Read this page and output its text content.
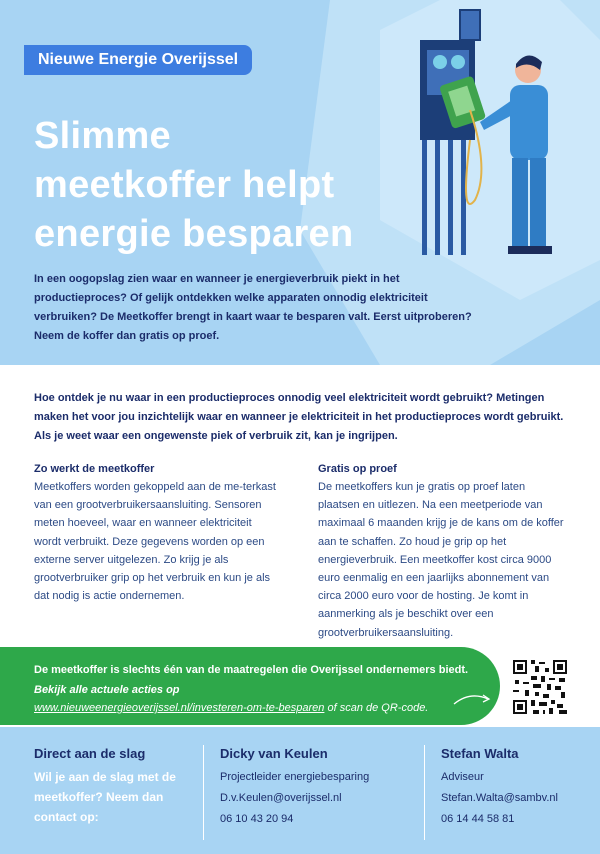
Nieuwe Energie Overijssel
Slimme
meetkoffer helpt
energie besparen
In een oogopslag zien waar en wanneer je energieverbruik piekt in het productieproces? Of gelijk ontdekken welke apparaten onnodig elektriciteit verbruiken? De Meetkoffer brengt in kaart waar te besparen valt. Eerst uitproberen? Neem de koffer dan gratis op proef.
Hoe ontdek je nu waar in een productieproces onnodig veel elektriciteit wordt gebruikt? Metingen maken het voor jou inzichtelijk waar en wanneer je elektriciteit in het productieproces wordt gebruikt. Als je weet waar een ongewenste piek of verbruik zit, kan je ingrijpen.
Zo werkt de meetkoffer
Meetkoffers worden gekoppeld aan de me-terkast van een grootverbruikersaansluiting. Sensoren meten hoeveel, waar en wanneer elektriciteit wordt verbruikt. Deze gegevens worden op een externe server uitgelezen. Zo krijg je als grootverbruiker grip op het verbruik en kun je als dat nodig is actie ondernemen.
Gratis op proef
De meetkoffers kun je gratis op proef laten plaatsen en uitlezen. Na een meetperiode van maximaal 6 maanden krijg je de kans om de koffer aan te schaffen. Zo houd je grip op het energieverbruik. Een meetkoffer kost circa 9000 euro eenmalig en een jaarlijks abonnement van circa 2000 euro voor de hosting. Je komt in aanmerking als je beschikt over een grootverbruikersaansluiting.
De meetkoffer is slechts één van de maatregelen die Overijssel ondernemers biedt.
Bekijk alle actuele acties op
www.nieuweenergieoverijssel.nl/investeren-om-te-besparen of scan de QR-code.
Direct aan de slag
Wil je aan de slag met de meetkoffer? Neem dan contact op:
Dicky van Keulen
Projectleider energiebesparing
D.v.Keulen@overijssel.nl
06 10 43 20 94
Stefan Walta
Adviseur
Stefan.Walta@sambv.nl
06 14 44 58 81
